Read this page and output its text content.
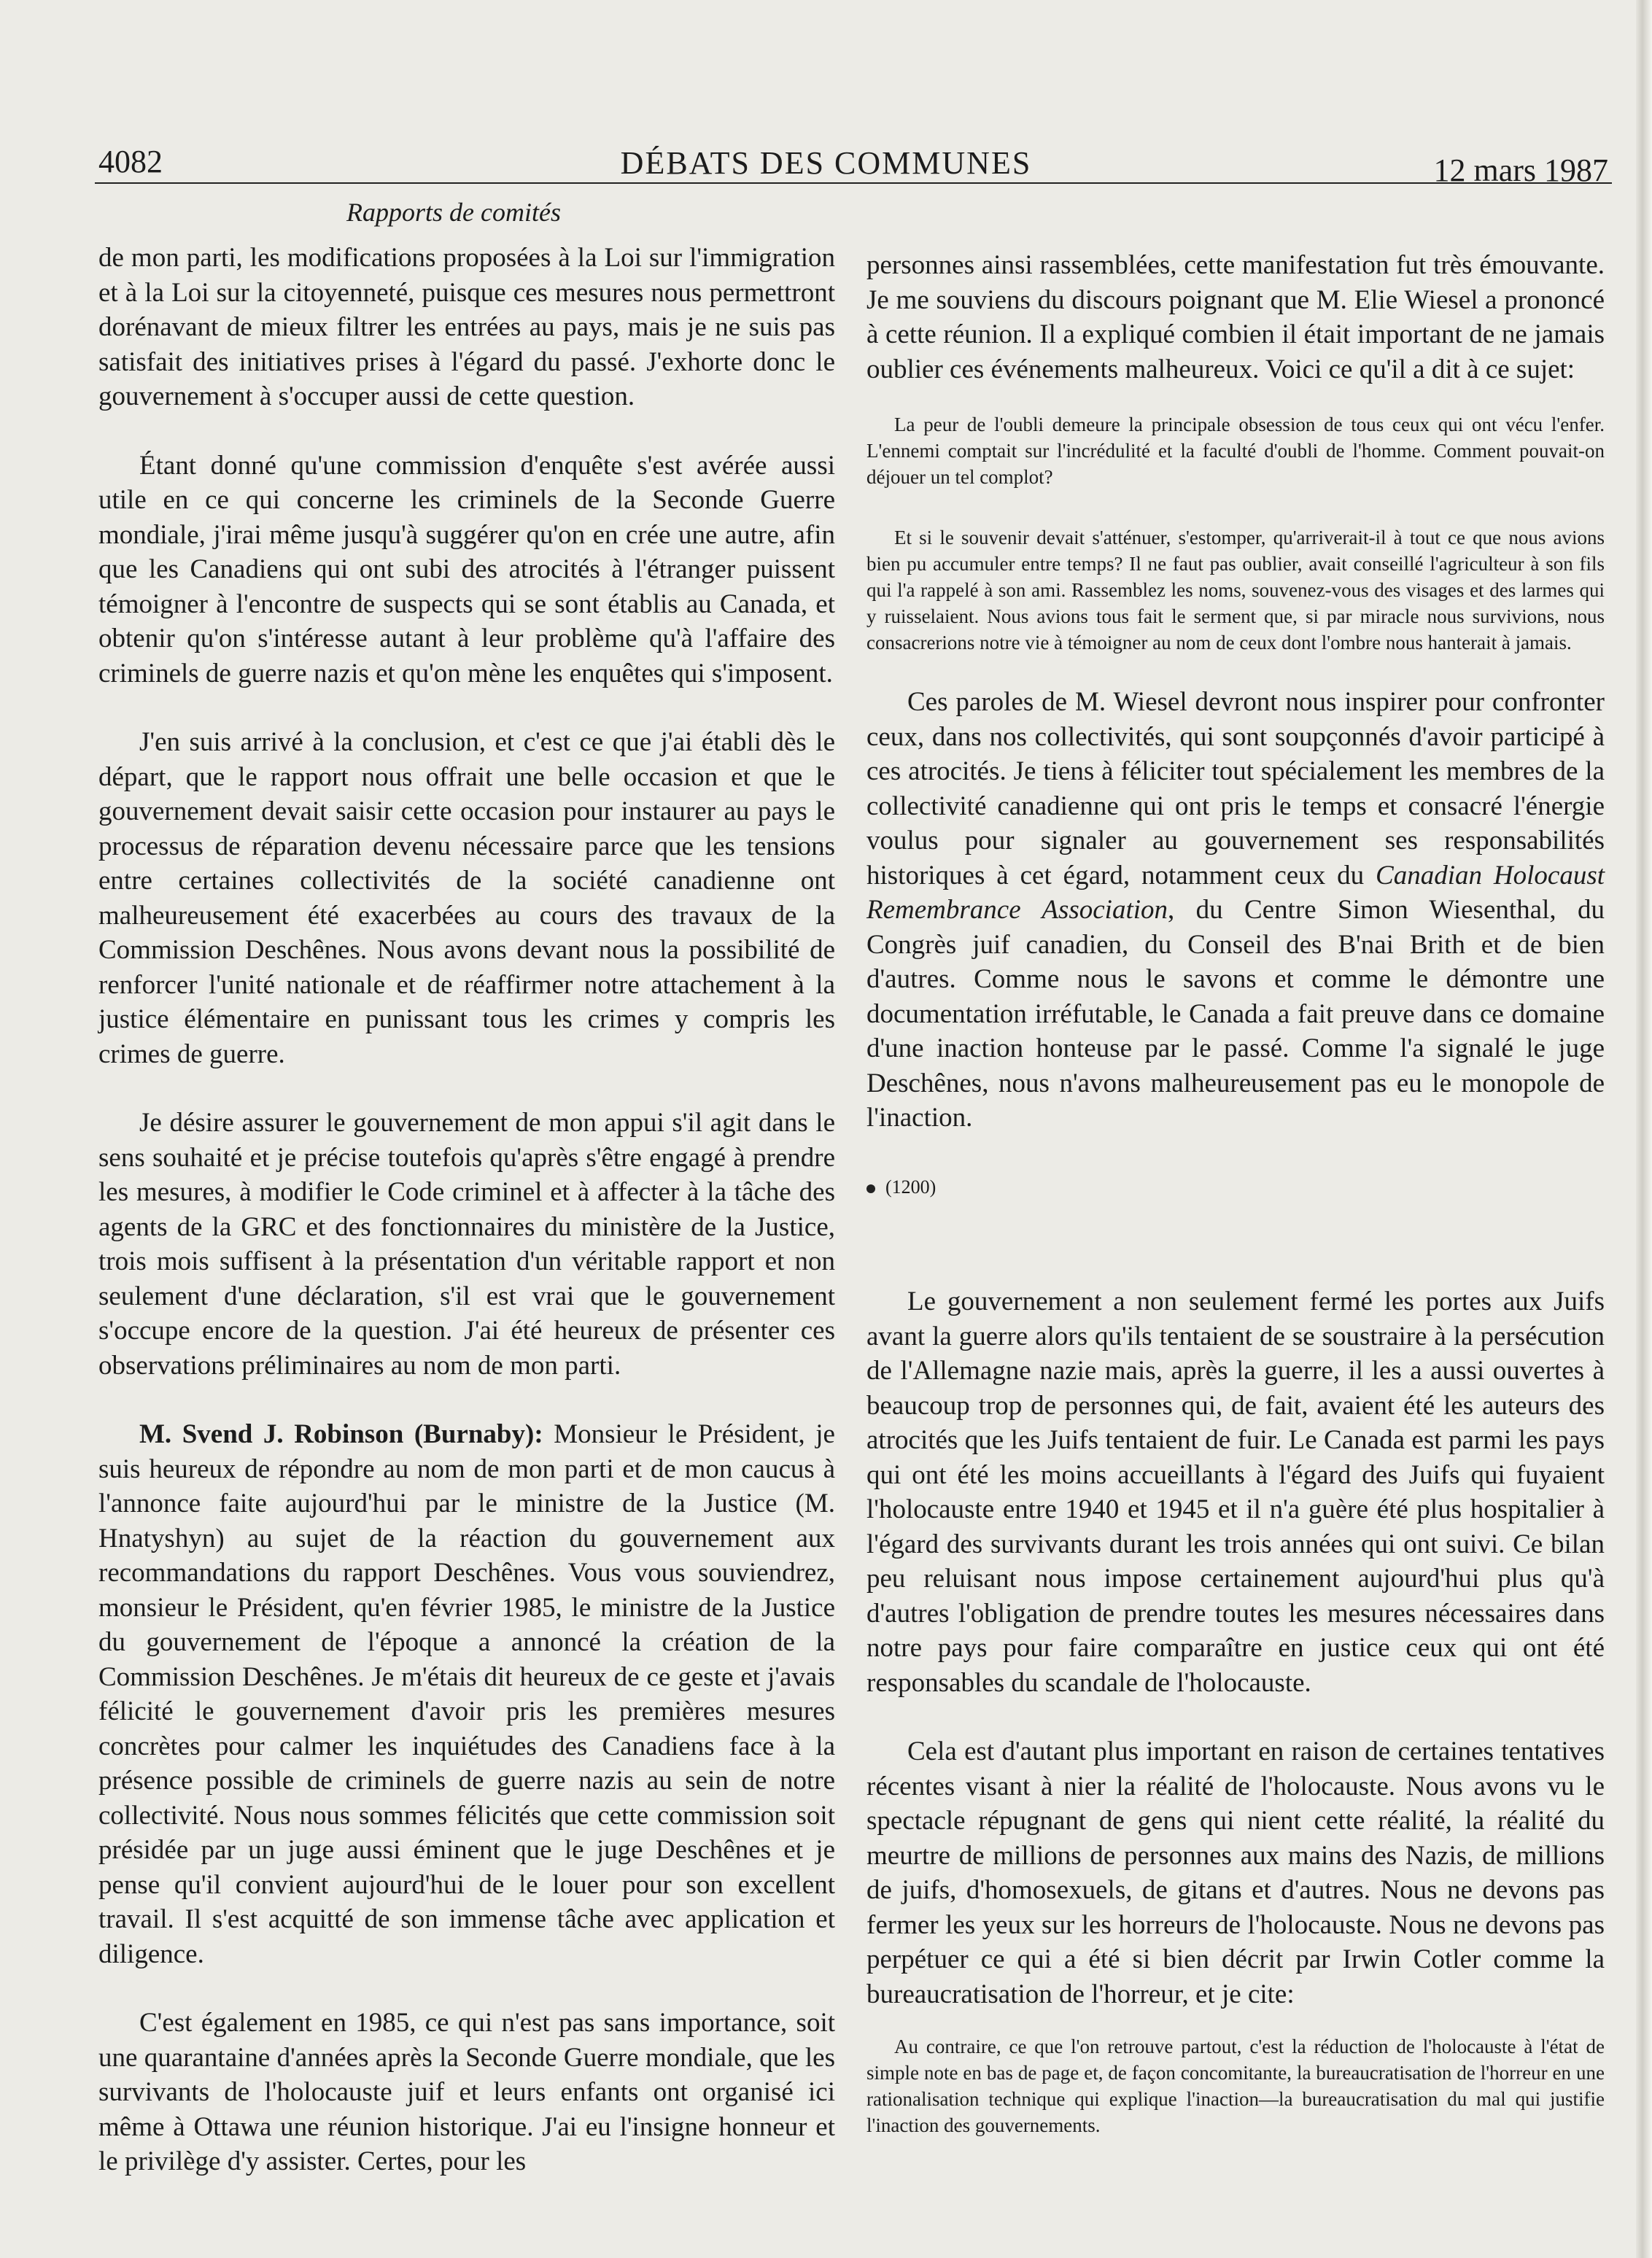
4082	DÉBATS DES COMMUNES	12 mars 1987
Rapports de comités

de mon parti, les modifications proposées à la Loi sur l'immigration et à la Loi sur la citoyenneté, puisque ces mesures nous permettront dorénavant de mieux filtrer les entrées au pays, mais je ne suis pas satisfait des initiatives prises à l'égard du passé. J'exhorte donc le gouvernement à s'occuper aussi de cette question.

Étant donné qu'une commission d'enquête s'est avérée aussi utile en ce qui concerne les criminels de la Seconde Guerre mondiale, j'irai même jusqu'à suggérer qu'on en crée une autre, afin que les Canadiens qui ont subi des atrocités à l'étranger puissent témoigner à l'encontre de suspects qui se sont établis au Canada, et obtenir qu'on s'intéresse autant à leur problème qu'à l'affaire des criminels de guerre nazis et qu'on mène les enquêtes qui s'imposent.

J'en suis arrivé à la conclusion, et c'est ce que j'ai établi dès le départ, que le rapport nous offrait une belle occasion et que le gouvernement devait saisir cette occasion pour instaurer au pays le processus de réparation devenu nécessaire parce que les tensions entre certaines collectivités de la société canadienne ont malheureusement été exacerbées au cours des travaux de la Commission Deschênes. Nous avons devant nous la possibilité de renforcer l'unité nationale et de réaffirmer notre attachement à la justice élémentaire en punissant tous les crimes y compris les crimes de guerre.

Je désire assurer le gouvernement de mon appui s'il agit dans le sens souhaité et je précise toutefois qu'après s'être engagé à prendre les mesures, à modifier le Code criminel et à affecter à la tâche des agents de la GRC et des fonctionnaires du ministère de la Justice, trois mois suffisent à la présentation d'un véritable rapport et non seulement d'une déclaration, s'il est vrai que le gouvernement s'occupe encore de la question. J'ai été heureux de présenter ces observations préliminaires au nom de mon parti.

M. Svend J. Robinson (Burnaby): Monsieur le Président, je suis heureux de répondre au nom de mon parti et de mon caucus à l'annonce faite aujourd'hui par le ministre de la Justice (M. Hnatyshyn) au sujet de la réaction du gouvernement aux recommandations du rapport Deschênes. Vous vous souviendrez, monsieur le Président, qu'en février 1985, le ministre de la Justice du gouvernement de l'époque a annoncé la création de la Commission Deschênes. Je m'étais dit heureux de ce geste et j'avais félicité le gouvernement d'avoir pris les premières mesures concrètes pour calmer les inquiétudes des Canadiens face à la présence possible de criminels de guerre nazis au sein de notre collectivité. Nous nous sommes félicités que cette commission soit présidée par un juge aussi éminent que le juge Deschênes et je pense qu'il convient aujourd'hui de le louer pour son excellent travail. Il s'est acquitté de son immense tâche avec application et diligence.

C'est également en 1985, ce qui n'est pas sans importance, soit une quarantaine d'années après la Seconde Guerre mondiale, que les survivants de l'holocauste juif et leurs enfants ont organisé ici même à Ottawa une réunion historique. J'ai eu l'insigne honneur et le privilège d'y assister. Certes, pour les

personnes ainsi rassemblées, cette manifestation fut très émouvante. Je me souviens du discours poignant que M. Elie Wiesel a prononcé à cette réunion. Il a expliqué combien il était important de ne jamais oublier ces événements malheureux. Voici ce qu'il a dit à ce sujet:

La peur de l'oubli demeure la principale obsession de tous ceux qui ont vécu l'enfer. L'ennemi comptait sur l'incrédulité et la faculté d'oubli de l'homme. Comment pouvait-on déjouer un tel complot?

Et si le souvenir devait s'atténuer, s'estomper, qu'arriverait-il à tout ce que nous avions bien pu accumuler entre temps? Il ne faut pas oublier, avait conseillé l'agriculteur à son fils qui l'a rappelé à son ami. Rassemblez les noms, souvenez-vous des visages et des larmes qui y ruisselaient. Nous avions tous fait le serment que, si par miracle nous survivions, nous consacrerions notre vie à témoigner au nom de ceux dont l'ombre nous hanterait à jamais.

Ces paroles de M. Wiesel devront nous inspirer pour confronter ceux, dans nos collectivités, qui sont soupçonnés d'avoir participé à ces atrocités. Je tiens à féliciter tout spécialement les membres de la collectivité canadienne qui ont pris le temps et consacré l'énergie voulus pour signaler au gouvernement ses responsabilités historiques à cet égard, notamment ceux du Canadian Holocaust Remembrance Association, du Centre Simon Wiesenthal, du Congrès juif canadien, du Conseil des B'nai Brith et de bien d'autres. Comme nous le savons et comme le démontre une documentation irréfutable, le Canada a fait preuve dans ce domaine d'une inaction honteuse par le passé. Comme l'a signalé le juge Deschênes, nous n'avons malheureusement pas eu le monopole de l'inaction.

(1200)

Le gouvernement a non seulement fermé les portes aux Juifs avant la guerre alors qu'ils tentaient de se soustraire à la persécution de l'Allemagne nazie mais, après la guerre, il les a aussi ouvertes à beaucoup trop de personnes qui, de fait, avaient été les auteurs des atrocités que les Juifs tentaient de fuir. Le Canada est parmi les pays qui ont été les moins accueillants à l'égard des Juifs qui fuyaient l'holocauste entre 1940 et 1945 et il n'a guère été plus hospitalier à l'égard des survivants durant les trois années qui ont suivi. Ce bilan peu reluisant nous impose certainement aujourd'hui plus qu'à d'autres l'obligation de prendre toutes les mesures nécessaires dans notre pays pour faire comparaître en justice ceux qui ont été responsables du scandale de l'holocauste.

Cela est d'autant plus important en raison de certaines tentatives récentes visant à nier la réalité de l'holocauste. Nous avons vu le spectacle répugnant de gens qui nient cette réalité, la réalité du meurtre de millions de personnes aux mains des Nazis, de millions de juifs, d'homosexuels, de gitans et d'autres. Nous ne devons pas fermer les yeux sur les horreurs de l'holocauste. Nous ne devons pas perpétuer ce qui a été si bien décrit par Irwin Cotler comme la bureaucratisation de l'horreur, et je cite:

Au contraire, ce que l'on retrouve partout, c'est la réduction de l'holocauste à l'état de simple note en bas de page et, de façon concomitante, la bureaucratisation de l'horreur en une rationalisation technique qui explique l'inaction—la bureaucratisation du mal qui justifie l'inaction des gouvernements.
